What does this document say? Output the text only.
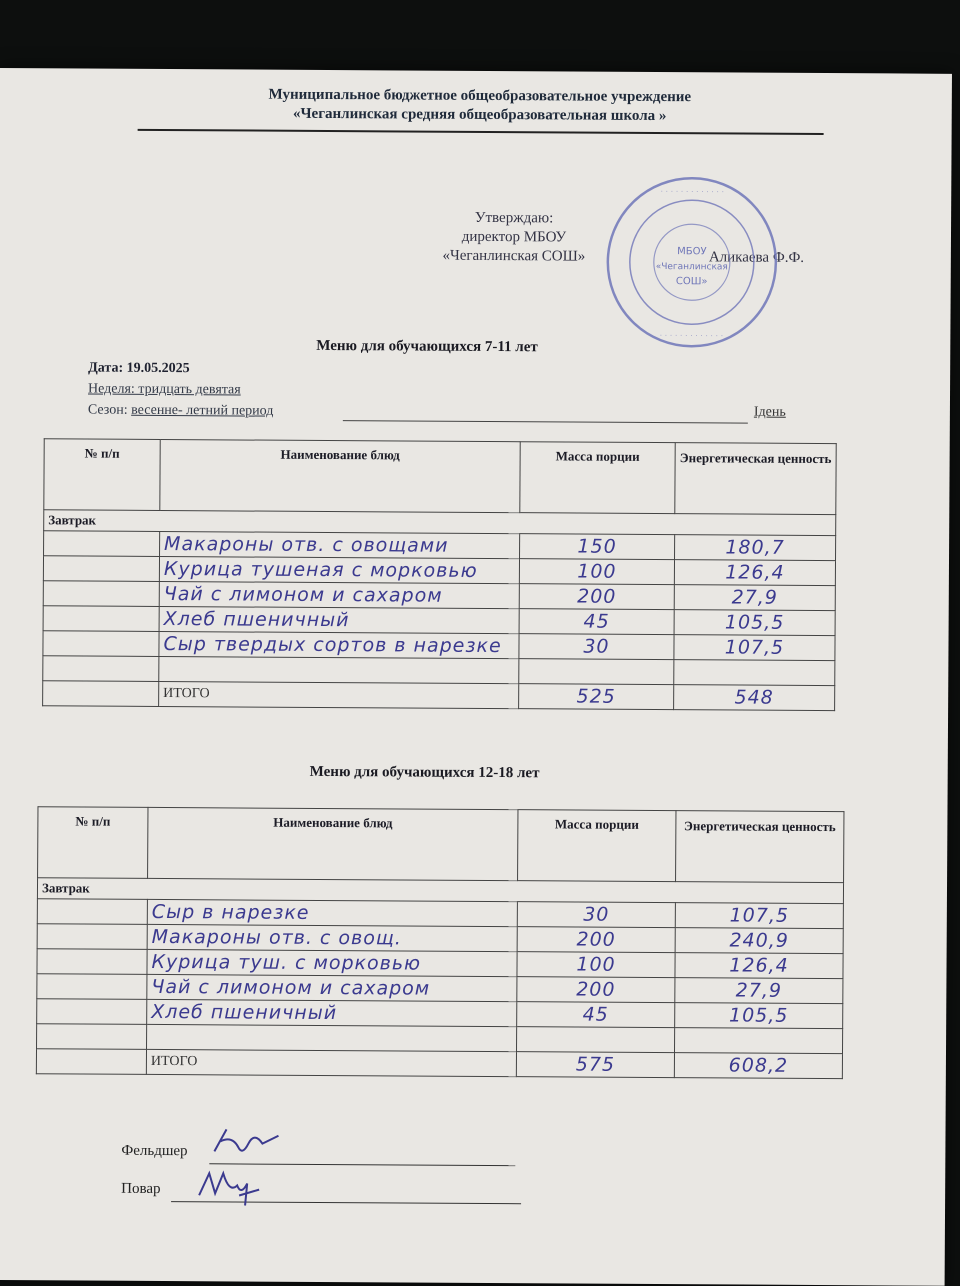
Муниципальное бюджетное общеобразовательное учреждение
«Чеганлинская средняя общеобразовательная школа »
Утверждаю:
директор МБОУ
«Чеганлинская СОШ»	Аликаева Ф.Ф.
· · · · · · · · · · · · ·
· · · · · · · · · · · · ·
МБОУ
«Чеганлинская
СОШ»
Меню для обучающихся 7-11 лет
Дата: 19.05.2025
Неделя: тридцать девятая
Сезон: весенне- летний период	Iдень
№ п/п	Наименование блюд	Масса порции	Энергетическая ценность
Завтрак			
	Макароны отв. с овощами	150	180,7
	Курица тушеная с морковью	100	126,4
	Чай с лимоном и сахаром	200	27,9
	Хлеб пшеничный	45	105,5
	Сыр твердых сортов в нарезке	30	107,5

	ИТОГО	525	548
Меню для обучающихся 12-18 лет
№ п/п	Наименование блюд	Масса порции	Энергетическая ценность
Завтрак			
	Сыр в нарезке	30	107,5
	Макароны отв. с овощ.	200	240,9
	Курица туш. с морковью	100	126,4
	Чай с лимоном и сахаром	200	27,9
	Хлеб пшеничный	45	105,5

	ИТОГО	575	608,2
Фельдшер
Повар
